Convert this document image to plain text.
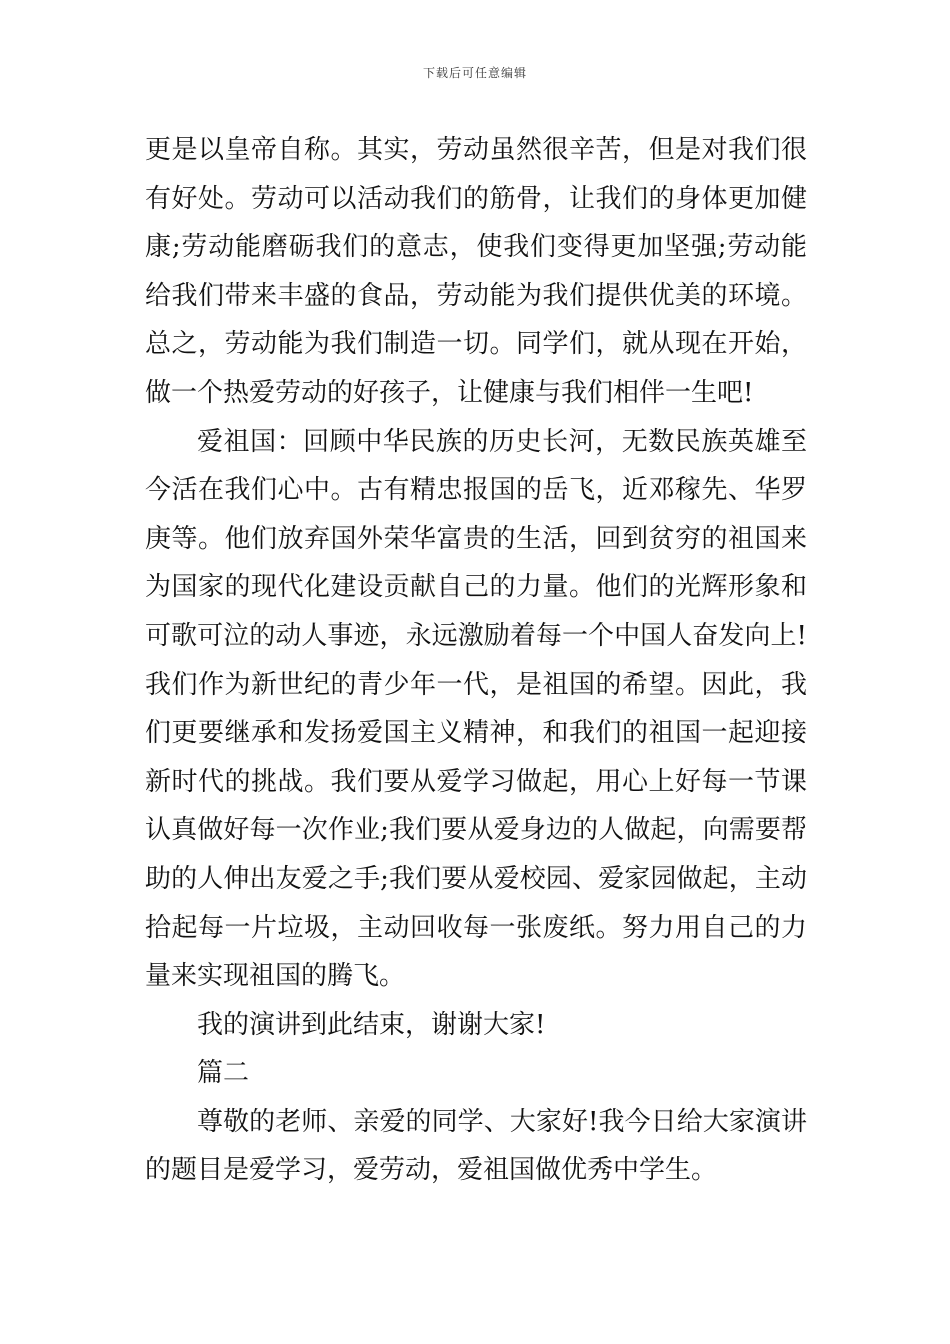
下载后可任意编辑
更是以皇帝自称。其实，劳动虽然很辛苦，但是对我们很
有好处。劳动可以活动我们的筋骨，让我们的身体更加健
康;劳动能磨砺我们的意志，使我们变得更加坚强;劳动能
给我们带来丰盛的食品，劳动能为我们提供优美的环境。
总之，劳动能为我们制造一切。同学们，就从现在开始，
做一个热爱劳动的好孩子，让健康与我们相伴一生吧!
爱祖国：回顾中华民族的历史长河，无数民族英雄至
今活在我们心中。古有精忠报国的岳飞，近邓稼先、华罗
庚等。他们放弃国外荣华富贵的生活，回到贫穷的祖国来
为国家的现代化建设贡献自己的力量。他们的光辉形象和
可歌可泣的动人事迹，永远激励着每一个中国人奋发向上!
我们作为新世纪的青少年一代，是祖国的希望。因此，我
们更要继承和发扬爱国主义精神，和我们的祖国一起迎接
新时代的挑战。我们要从爱学习做起，用心上好每一节课
认真做好每一次作业;我们要从爱身边的人做起，向需要帮
助的人伸出友爱之手;我们要从爱校园、爱家园做起，主动
拾起每一片垃圾，主动回收每一张废纸。努力用自己的力
量来实现祖国的腾飞。
我的演讲到此结束，谢谢大家!
篇二
尊敬的老师、亲爱的同学、大家好!我今日给大家演讲
的题目是爱学习，爱劳动，爱祖国做优秀中学生。
